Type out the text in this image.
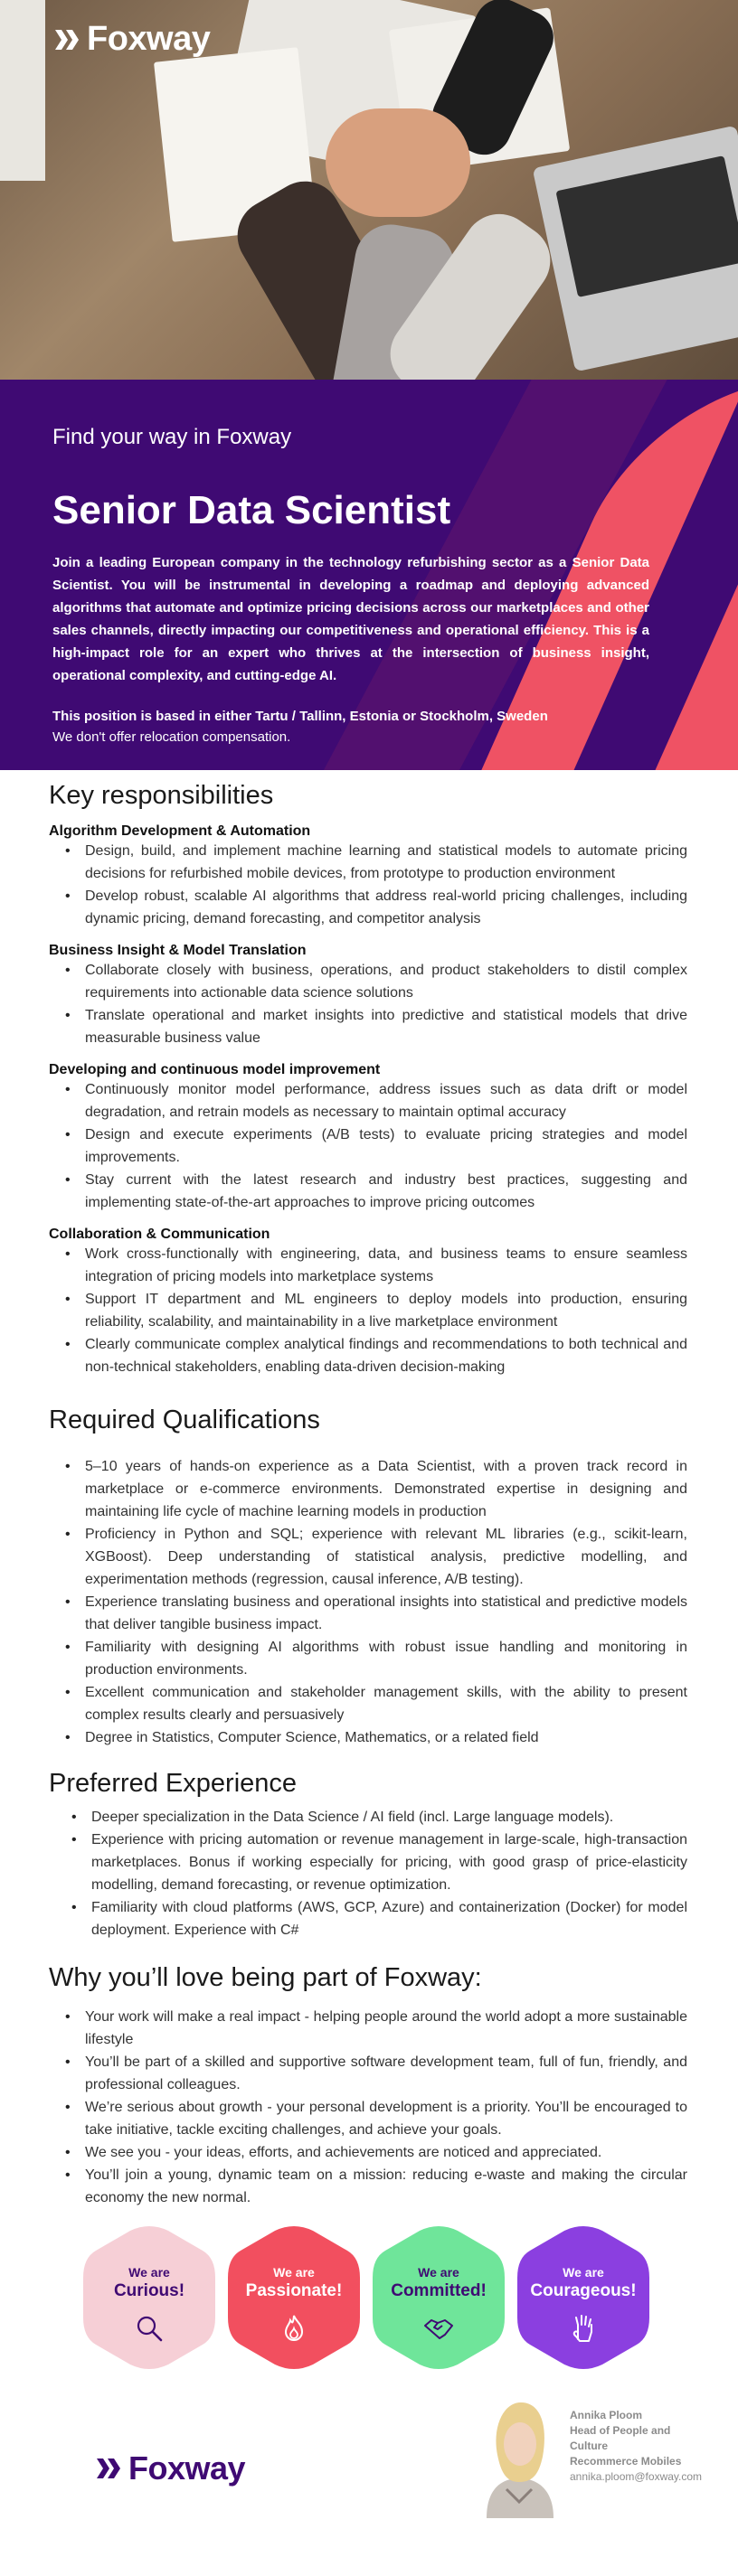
Foxway
Find your way in Foxway
Senior Data Scientist

Join a leading European company in the technology refurbishing sector as a Senior Data Scientist. You will be instrumental in developing a roadmap and deploying advanced algorithms that automate and optimize pricing decisions across our marketplaces and other sales channels, directly impacting our competitiveness and operational efficiency. This is a high-impact role for an expert who thrives at the intersection of business insight, operational complexity, and cutting-edge AI.

This position is based in either Tartu / Tallinn, Estonia or Stockholm, Sweden
We don't offer relocation compensation.
Key responsibilities
Algorithm Development & Automation
• Design, build, and implement machine learning and statistical models to automate pricing decisions for refurbished mobile devices, from prototype to production environment
• Develop robust, scalable AI algorithms that address real-world pricing challenges, including dynamic pricing, demand forecasting, and competitor analysis
Business Insight & Model Translation
• Collaborate closely with business, operations, and product stakeholders to distil complex requirements into actionable data science solutions
• Translate operational and market insights into predictive and statistical models that drive measurable business value
Developing and continuous model improvement
• Continuously monitor model performance, address issues such as data drift or model degradation, and retrain models as necessary to maintain optimal accuracy
• Design and execute experiments (A/B tests) to evaluate pricing strategies and model improvements.
• Stay current with the latest research and industry best practices, suggesting and implementing state-of-the-art approaches to improve pricing outcomes
Collaboration & Communication
• Work cross-functionally with engineering, data, and business teams to ensure seamless integration of pricing models into marketplace systems
• Support IT department and ML engineers to deploy models into production, ensuring reliability, scalability, and maintainability in a live marketplace environment
• Clearly communicate complex analytical findings and recommendations to both technical and non-technical stakeholders, enabling data-driven decision-making
Required Qualifications
• 5–10 years of hands-on experience as a Data Scientist, with a proven track record in marketplace or e-commerce environments. Demonstrated expertise in designing and maintaining life cycle of machine learning models in production
• Proficiency in Python and SQL; experience with relevant ML libraries (e.g., scikit-learn, XGBoost). Deep understanding of statistical analysis, predictive modelling, and experimentation methods (regression, causal inference, A/B testing).
• Experience translating business and operational insights into statistical and predictive models that deliver tangible business impact.
• Familiarity with designing AI algorithms with robust issue handling and monitoring in production environments.
• Excellent communication and stakeholder management skills, with the ability to present complex results clearly and persuasively
• Degree in Statistics, Computer Science, Mathematics, or a related field
Preferred Experience
• Deeper specialization in the Data Science / AI field (incl. Large language models).
• Experience with pricing automation or revenue management in large-scale, high-transaction marketplaces. Bonus if working especially for pricing, with good grasp of price-elasticity modelling, demand forecasting, or revenue optimization.
• Familiarity with cloud platforms (AWS, GCP, Azure) and containerization (Docker) for model deployment. Experience with C#
Why you’ll love being part of Foxway:
• Your work will make a real impact - helping people around the world adopt a more sustainable lifestyle
• You’ll be part of a skilled and supportive software development team, full of fun, friendly, and professional colleagues.
• We’re serious about growth - your personal development is a priority. You’ll be encouraged to take initiative, tackle exciting challenges, and achieve your goals.
• We see you - your ideas, efforts, and achievements are noticed and appreciated.
• You’ll join a young, dynamic team on a mission: reducing e-waste and making the circular economy the new normal.
We are
Curious!
We are
Passionate!
We are
Committed!
We are
Courageous!
Foxway
Annika Ploom
Head of People and Culture
Recommerce Mobiles
annika.ploom@foxway.com
